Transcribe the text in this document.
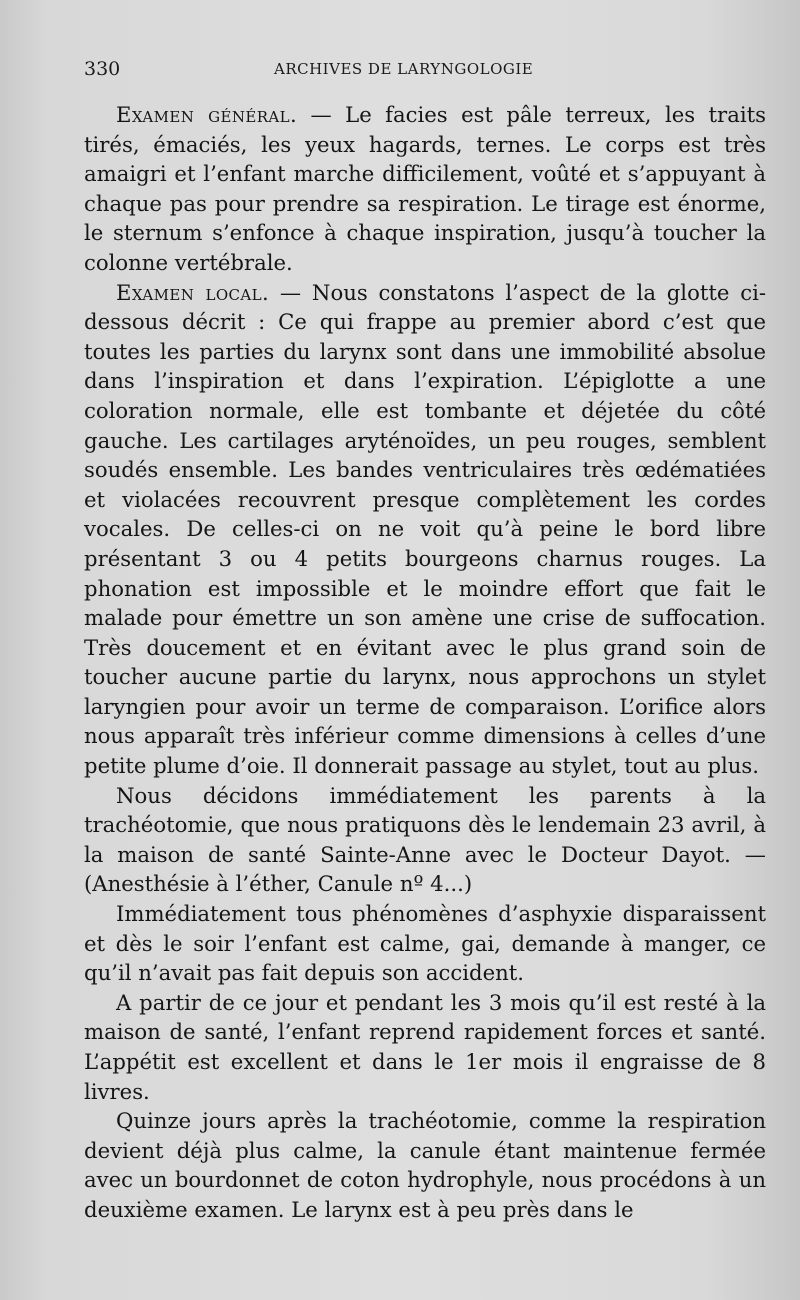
330	ARCHIVES DE LARYNGOLOGIE

Examen général. — Le facies est pâle terreux, les traits tirés, émaciés, les yeux hagards, ternes. Le corps est très amaigri et l’enfant marche difficilement, voûté et s’appuyant à chaque pas pour prendre sa respiration. Le tirage est énorme, le sternum s’enfonce à chaque inspiration, jusqu’à toucher la colonne vertébrale.

Examen local. — Nous constatons l’aspect de la glotte ci-dessous décrit : Ce qui frappe au premier abord c’est que toutes les parties du larynx sont dans une immobilité absolue dans l’inspiration et dans l’expiration. L’épiglotte a une coloration normale, elle est tombante et déjetée du côté gauche. Les cartilages aryténoïdes, un peu rouges, semblent soudés ensemble. Les bandes ventriculaires très œdématiées et violacées recouvrent presque complètement les cordes vocales. De celles-ci on ne voit qu’à peine le bord libre présentant 3 ou 4 petits bourgeons charnus rouges. La phonation est impossible et le moindre effort que fait le malade pour émettre un son amène une crise de suffocation. Très doucement et en évitant avec le plus grand soin de toucher aucune partie du larynx, nous approchons un stylet laryngien pour avoir un terme de comparaison. L’orifice alors nous apparaît très inférieur comme dimensions à celles d’une petite plume d’oie. Il donnerait passage au stylet, tout au plus.

Nous décidons immédiatement les parents à la trachéotomie, que nous pratiquons dès le lendemain 23 avril, à la maison de santé Sainte-Anne avec le Docteur Dayot. — (Anesthésie à l’éther, Canule nº 4...)

Immédiatement tous phénomènes d’asphyxie disparaissent et dès le soir l’enfant est calme, gai, demande à manger, ce qu’il n’avait pas fait depuis son accident.

A partir de ce jour et pendant les 3 mois qu’il est resté à la maison de santé, l’enfant reprend rapidement forces et santé. L’appétit est excellent et dans le 1er mois il engraisse de 8 livres.

Quinze jours après la trachéotomie, comme la respiration devient déjà plus calme, la canule étant maintenue fermée avec un bourdonnet de coton hydrophyle, nous procédons à un deuxième examen. Le larynx est à peu près dans le
